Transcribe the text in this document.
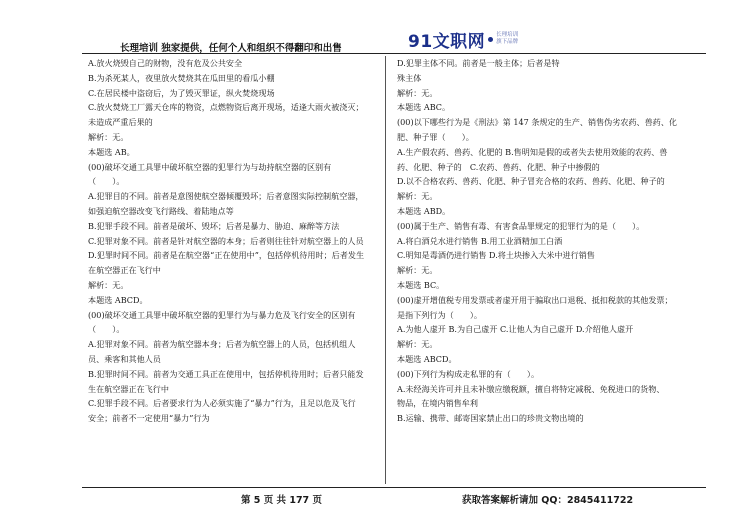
长理培训 独家提供，任何个人和组织不得翻印和出售	91文职网 长理培训
旗下品牌
A.放火烧毁自己的财物，没有危及公共安全
B.为杀死某人，夜里放火焚烧其在瓜田里的看瓜小棚
C.在居民楼中盗窃后，为了毁灭罪证，纵火焚烧现场
C.放火焚烧工厂露天仓库的物资，点燃物资后离开现场，适逢大雨火被浇灭；
未造成严重后果的
解析：无。
本题选 AB。
(00)破坏交通工具罪中破坏航空器的犯罪行为与劫持航空器的区别有
（　　）。
A.犯罪目的不同。前者是意图使航空器倾覆毁坏；后者意图实际控制航空器，
如强迫航空器改变飞行路线、着陆地点等
B.犯罪手段不同。前者是破坏、毁坏；后者是暴力、胁迫、麻醉等方法
C.犯罪对象不同。前者是针对航空器的本身；后者则往往针对航空器上的人员
D.犯罪时间不同。前者是在航空器“正在使用中”，包括停机待用时；后者发生
在航空器正在飞行中
解析：无。
本题选 ABCD。
(00)破坏交通工具罪中破坏航空器的犯罪行为与暴力危及飞行安全的区别有
（　　）。
A.犯罪对象不同。前者为航空器本身；后者为航空器上的人员，包括机组人
员、乘客和其他人员
B.犯罪时间不同。前者为交通工具正在使用中，包括停机待用时；后者只能发
生在航空器正在飞行中
C.犯罪手段不同。后者要求行为人必须实施了“暴力”行为，且足以危及飞行
安全；前者不一定使用“暴力”行为
D.犯罪主体不同。前者是一般主体；后者是特
殊主体
解析：无。
本题选 ABC。
(00)以下哪些行为是《刑法》第 147 条规定的生产、销售伪劣农药、兽药、化
肥、种子罪（　　）。
A.生产假农药、兽药、化肥的 B.售明知是假的或者失去使用效能的农药、兽
药、化肥、种子的　C.农药、兽药、化肥、种子中掺假的
D.以不合格农药、兽药、化肥、种子冒充合格的农药、兽药、化肥、种子的
解析：无。
本题选 ABD。
(00)属于生产、销售有毒、有害食品罪规定的犯罪行为的是（　　）。
A.将白酒兑水进行销售 B.用工业酒精加工白酒
C.明知是毒酒仍进行销售 D.将土块掺入大米中进行销售
解析：无。
本题选 BC。
(00)虚开增值税专用发票或者虚开用于骗取出口退税、抵扣税款的其他发票；
是指下列行为（　　）。
A.为他人虚开 B.为自己虚开 C.让他人为自己虚开 D.介绍他人虚开
解析：无。
本题选 ABCD。
(00)下列行为构成走私罪的有（　　）。
A.未经海关许可并且未补缴应缴税额，擅自将特定减税、免税进口的货物、
物品，在境内销售牟利
B.运输、携带、邮寄国家禁止出口的珍贵文物出境的
第 5 页 共 177 页	获取答案解析请加 QQ：2845411722
